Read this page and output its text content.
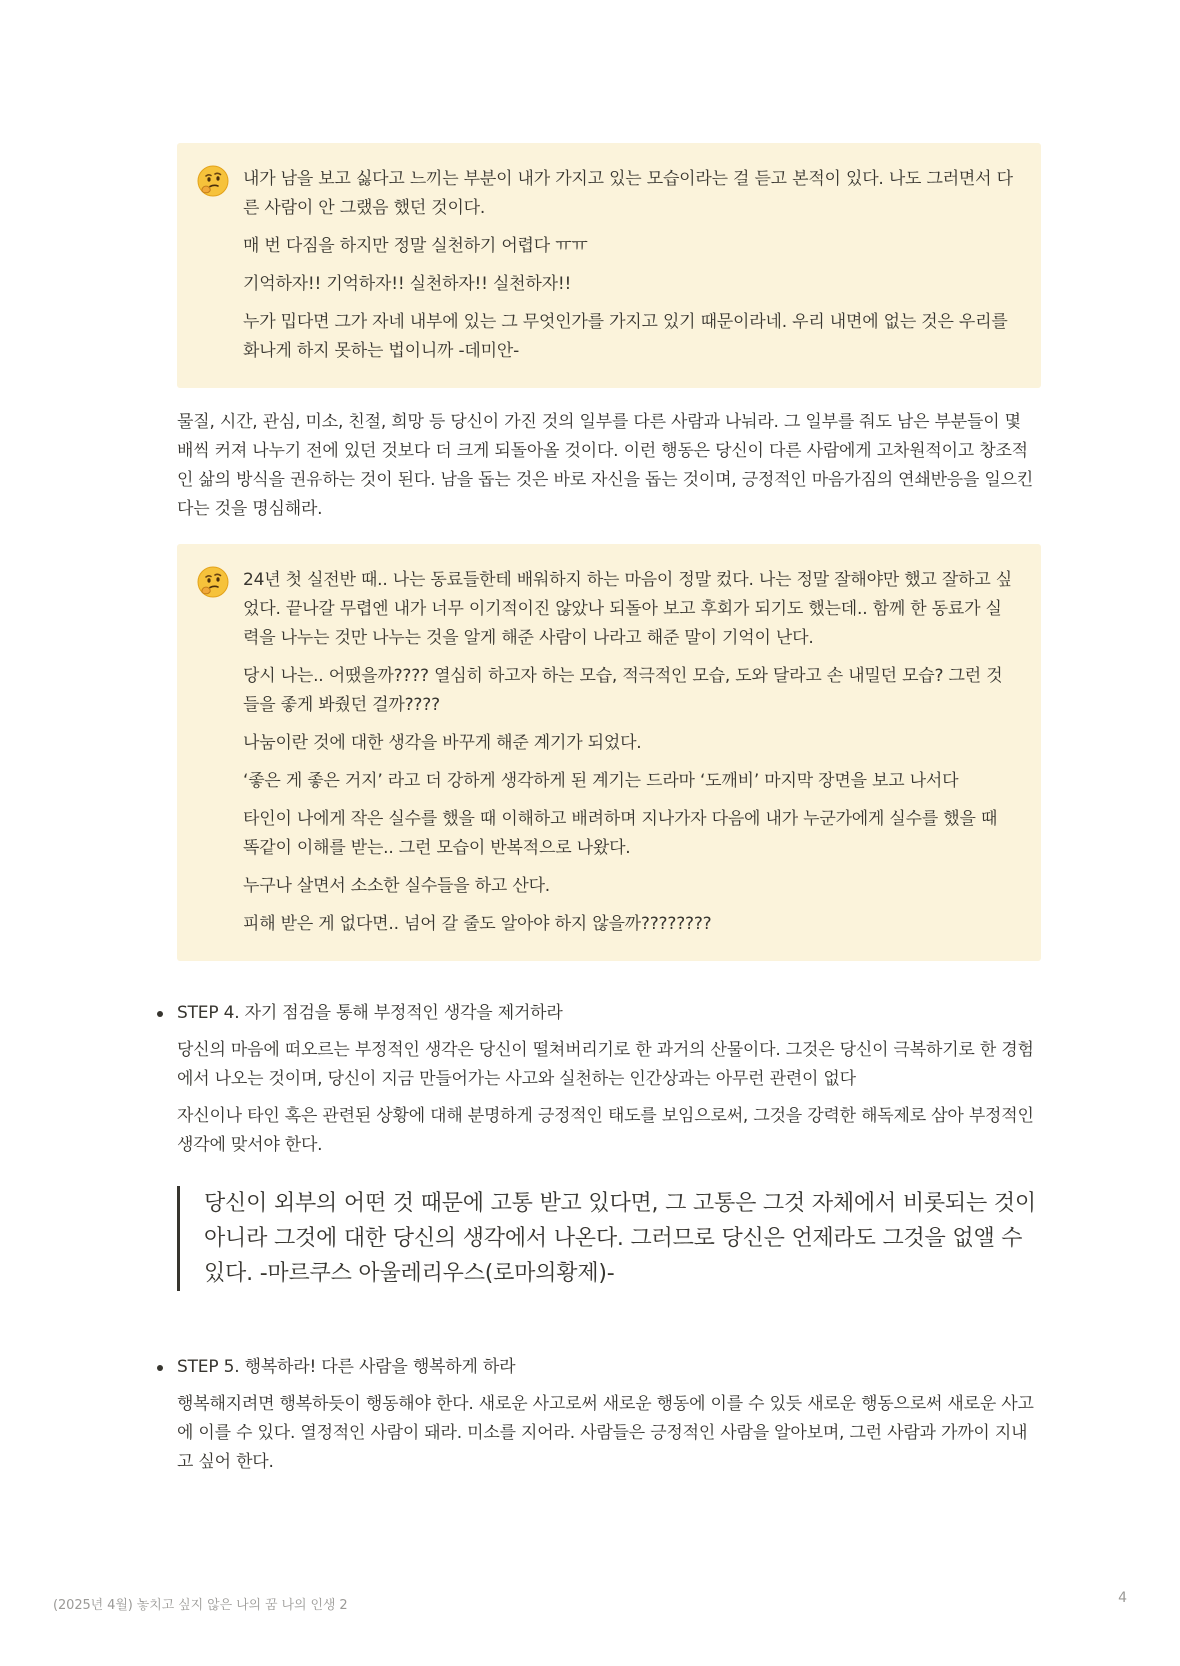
내가 남을 보고 싫다고 느끼는 부분이 내가 가지고 있는 모습이라는 걸 듣고 본적이 있다. 나도 그러면서 다른 사람이 안 그랬음 했던 것이다.

매 번 다짐을 하지만 정말 실천하기 어렵다 ㅠㅠ

기억하자!! 기억하자!! 실천하자!! 실천하자!!

누가 밉다면 그가 자네 내부에 있는 그 무엇인가를 가지고 있기 때문이라네. 우리 내면에 없는 것은 우리를 화나게 하지 못하는 법이니까 -데미안-

물질, 시간, 관심, 미소, 친절, 희망 등 당신이 가진 것의 일부를 다른 사람과 나눠라. 그 일부를 줘도 남은 부분들이 몇 배씩 커져 나누기 전에 있던 것보다 더 크게 되돌아올 것이다. 이런 행동은 당신이 다른 사람에게 고차원적이고 창조적인 삶의 방식을 권유하는 것이 된다. 남을 돕는 것은 바로 자신을 돕는 것이며, 긍정적인 마음가짐의 연쇄반응을 일으킨다는 것을 명심해라.

24년 첫 실전반 때.. 나는 동료들한테 배워하지 하는 마음이 정말 컸다. 나는 정말 잘해야만 했고 잘하고 싶었다. 끝나갈 무렵엔 내가 너무 이기적이진 않았나 되돌아 보고 후회가 되기도 했는데.. 함께 한 동료가 실력을 나누는 것만 나누는 것을 알게 해준 사람이 나라고 해준 말이 기억이 난다.

당시 나는.. 어땠을까???? 열심히 하고자 하는 모습, 적극적인 모습, 도와 달라고 손 내밀던 모습? 그런 것들을 좋게 봐줬던 걸까????

나눔이란 것에 대한 생각을 바꾸게 해준 계기가 되었다.

‘좋은 게 좋은 거지’ 라고 더 강하게 생각하게 된 계기는 드라마 ‘도깨비’ 마지막 장면을 보고 나서다

타인이 나에게 작은 실수를 했을 때 이해하고 배려하며 지나가자 다음에 내가 누군가에게 실수를 했을 때 똑같이 이해를 받는.. 그런 모습이 반복적으로 나왔다.

누구나 살면서 소소한 실수들을 하고 산다.

피해 받은 게 없다면.. 넘어 갈 줄도 알아야 하지 않을까????????

STEP 4. 자기 점검을 통해 부정적인 생각을 제거하라

당신의 마음에 떠오르는 부정적인 생각은 당신이 떨쳐버리기로 한 과거의 산물이다. 그것은 당신이 극복하기로 한 경험에서 나오는 것이며, 당신이 지금 만들어가는 사고와 실천하는 인간상과는 아무런 관련이 없다

자신이나 타인 혹은 관련된 상황에 대해 분명하게 긍정적인 태도를 보임으로써, 그것을 강력한 해독제로 삼아 부정적인 생각에 맞서야 한다.

당신이 외부의 어떤 것 때문에 고통 받고 있다면, 그 고통은 그것 자체에서 비롯되는 것이 아니라 그것에 대한 당신의 생각에서 나온다. 그러므로 당신은 언제라도 그것을 없앨 수 있다. -마르쿠스 아울레리우스(로마의황제)-
STEP 5. 행복하라! 다른 사람을 행복하게 하라

행복해지려면 행복하듯이 행동해야 한다. 새로운 사고로써 새로운 행동에 이를 수 있듯 새로운 행동으로써 새로운 사고에 이를 수 있다. 열정적인 사람이 돼라. 미소를 지어라. 사람들은 긍정적인 사람을 알아보며, 그런 사람과 가까이 지내고 싶어 한다.

(2025년 4월) 놓치고 싶지 않은 나의 꿈 나의 인생 2	4
